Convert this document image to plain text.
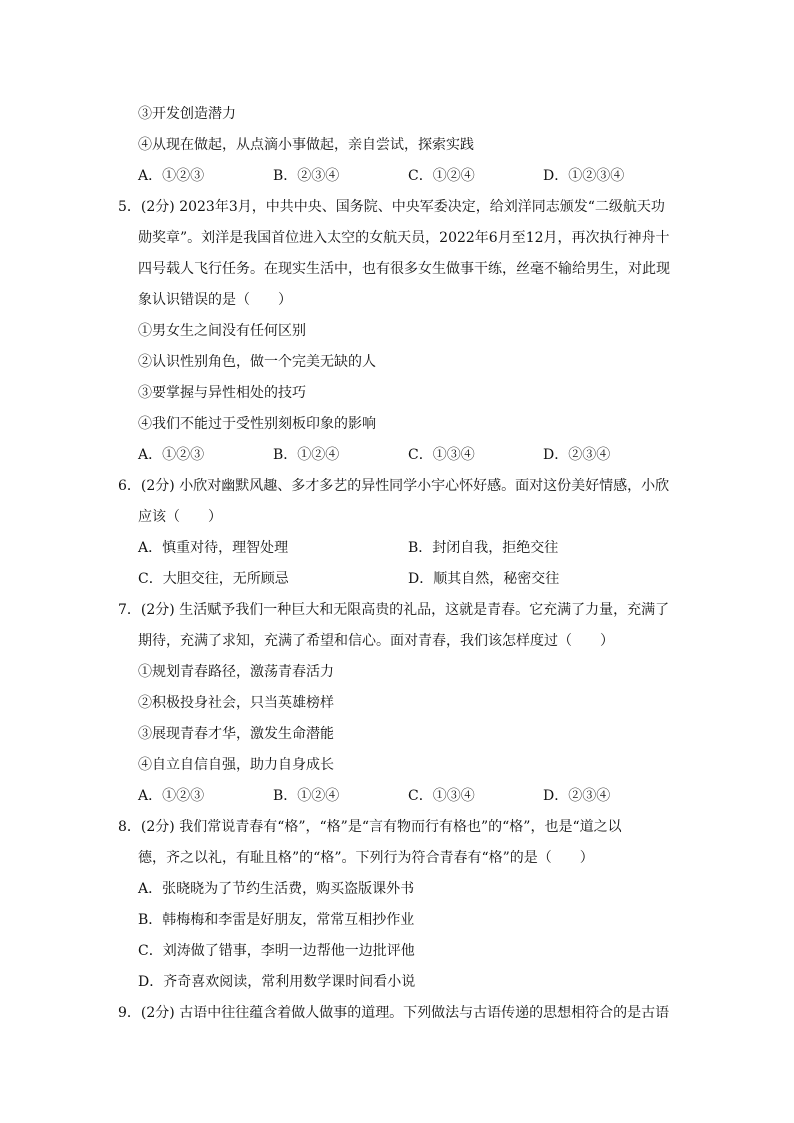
③开发创造潜力
④从现在做起，从点滴小事做起，亲自尝试，探索实践
A．①②③	B．②③④	C．①②④	D．①②③④
5．(2分) 2023年3月，中共中央、国务院、中央军委决定，给刘洋同志颁发“二级航天功
勋奖章”。刘洋是我国首位进入太空的女航天员，2022年6月至12月，再次执行神舟十
四号载人飞行任务。在现实生活中，也有很多女生做事干练，丝毫不输给男生，对此现
象认识错误的是（　　）
①男女生之间没有任何区别
②认识性别角色，做一个完美无缺的人
③要掌握与异性相处的技巧
④我们不能过于受性别刻板印象的影响
A．①②③	B．①②④	C．①③④	D．②③④
6．(2分) 小欣对幽默风趣、多才多艺的异性同学小宇心怀好感。面对这份美好情感，小欣
应该（　　）
A．慎重对待，理智处理	B．封闭自我，拒绝交往
C．大胆交往，无所顾忌	D．顺其自然，秘密交往
7．(2分) 生活赋予我们一种巨大和无限高贵的礼品，这就是青春。它充满了力量，充满了
期待，充满了求知，充满了希望和信心。面对青春，我们该怎样度过（　　）
①规划青春路径，激荡青春活力
②积极投身社会，只当英雄榜样
③展现青春才华，激发生命潜能
④自立自信自强，助力自身成长
A．①②③	B．①②④	C．①③④	D．②③④
8．(2分) 我们常说青春有“格”，“格”是“言有物而行有格也”的“格”，也是“道之以
德，齐之以礼，有耻且格”的“格”。下列行为符合青春有“格”的是（　　）
A．张晓晓为了节约生活费，购买盗版课外书
B．韩梅梅和李雷是好朋友，常常互相抄作业
C．刘涛做了错事，李明一边帮他一边批评他
D．齐奇喜欢阅读，常利用数学课时间看小说
9．(2分) 古语中往往蕴含着做人做事的道理。下列做法与古语传递的思想相符合的是古语
